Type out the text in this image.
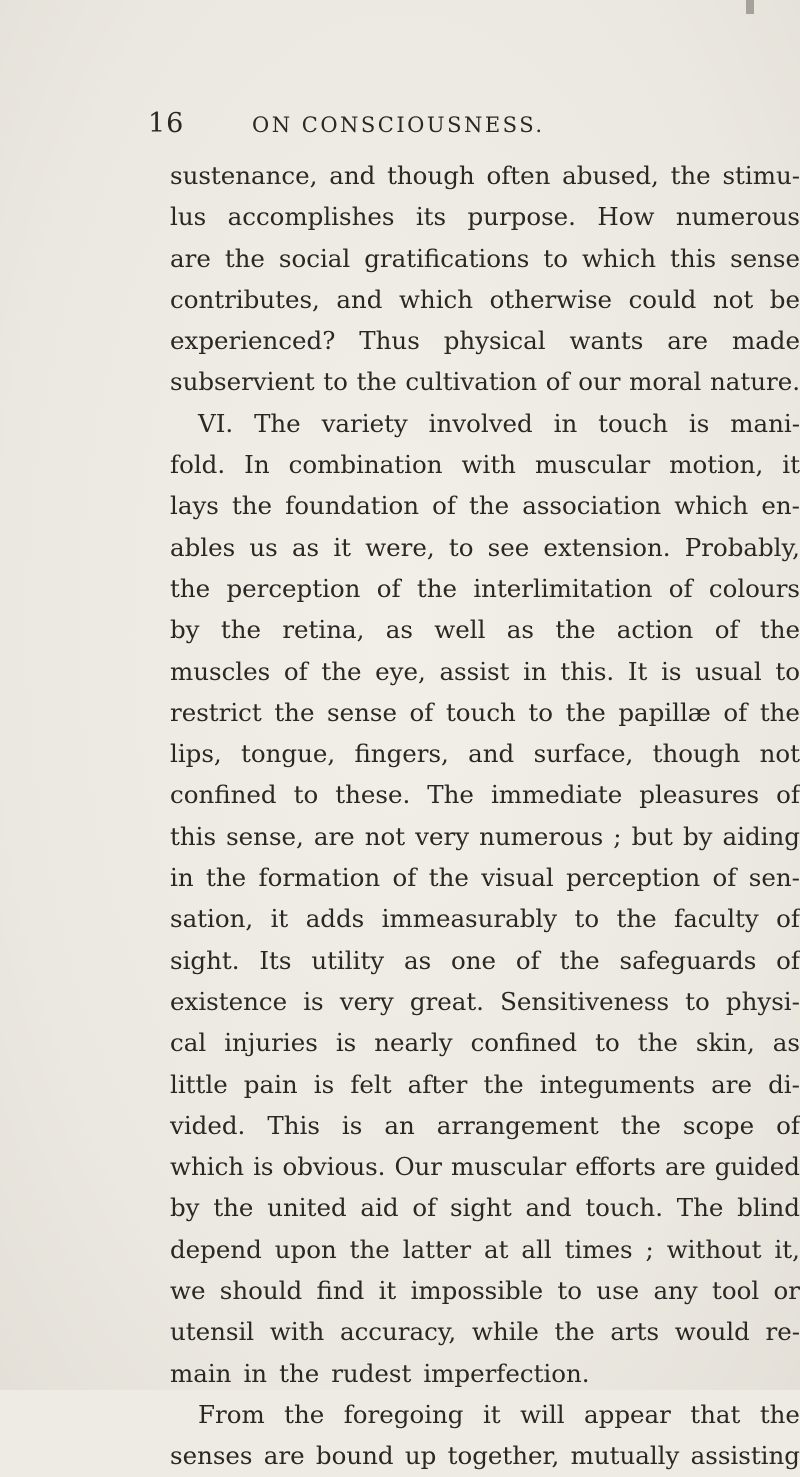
16	ON CONSCIOUSNESS.
sustenance, and though often abused, the stimu-
lus accomplishes its purpose. How numerous
are the social gratifications to which this sense
contributes, and which otherwise could not be
experienced? Thus physical wants are made
subservient to the cultivation of our moral nature.
VI. The variety involved in touch is mani-
fold. In combination with muscular motion, it
lays the foundation of the association which en-
ables us as it were, to see extension. Probably,
the perception of the interlimitation of colours
by the retina, as well as the action of the
muscles of the eye, assist in this. It is usual to
restrict the sense of touch to the papillæ of the
lips, tongue, fingers, and surface, though not
confined to these. The immediate pleasures of
this sense, are not very numerous ; but by aiding
in the formation of the visual perception of sen-
sation, it adds immeasurably to the faculty of
sight. Its utility as one of the safeguards of
existence is very great. Sensitiveness to physi-
cal injuries is nearly confined to the skin, as
little pain is felt after the integuments are di-
vided. This is an arrangement the scope of
which is obvious. Our muscular efforts are guided
by the united aid of sight and touch. The blind
depend upon the latter at all times ; without it,
we should find it impossible to use any tool or
utensil with accuracy, while the arts would re-
main in the rudest imperfection.
From the foregoing it will appear that the
senses are bound up together, mutually assisting
